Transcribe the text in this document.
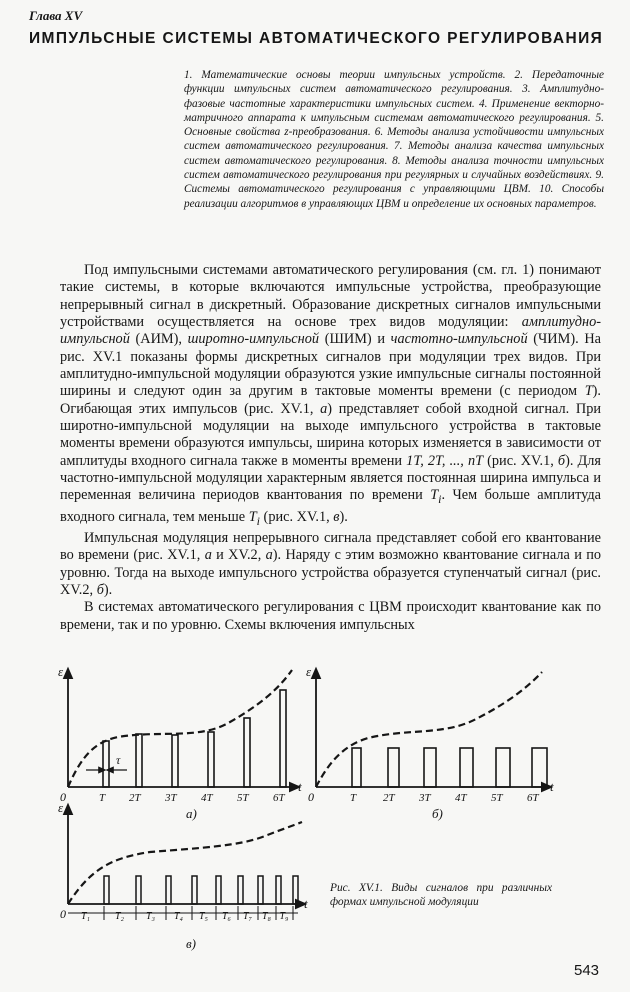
Глава XV
ИМПУЛЬСНЫЕ СИСТЕМЫ АВТОМАТИЧЕСКОГО РЕГУЛИРОВАНИЯ
1. Математические основы теории импульсных устройств. 2. Передаточные функции импульсных систем автоматического регулирования. 3. Амплитудно-фазовые частотные характеристики импульсных систем. 4. Применение векторно-матричного аппарата к импульсным системам автоматического регулирования. 5. Основные свойства z-преобразования. 6. Методы анализа устойчивости импульсных систем автоматического регулирования. 7. Методы анализа качества импульсных систем автоматического регулирования. 8. Методы анализа точности импульсных систем автоматического регулирования при регулярных и случайных воздействиях. 9. Системы автоматического регулирования с управляющими ЦВМ. 10. Способы реализации алгоритмов в управляющих ЦВМ и определение их основных параметров.

Под импульсными системами автоматического регулирования (см. гл. 1) понимают такие системы, в которые включаются импульсные устройства, преобразующие непрерывный сигнал в дискретный. Образование дискретных сигналов импульсными устройствами осуществляется на основе трех видов модуляции: амплитудно-импульсной (АИМ), широтно-импульсной (ШИМ) и частотно-импульсной (ЧИМ). На рис. XV.1 показаны формы дискретных сигналов при модуляции трех видов. При амплитудно-импульсной модуляции образуются узкие импульсные сигналы постоянной ширины и следуют один за другим в тактовые моменты времени (с периодом T). Огибающая этих импульсов (рис. XV.1, а) представляет собой входной сигнал. При широтно-импульсной модуляции на выходе импульсного устройства в тактовые моменты времени образуются импульсы, ширина которых изменяется в зависимости от амплитуды входного сигнала также в моменты времени 1T, 2T, ..., nT (рис. XV.1, б). Для частотно-импульсной модуляции характерным является постоянная ширина импульса и переменная величина периодов квантования по времени $T_i$. Чем больше амплитуда входного сигнала, тем меньше $T_i$ (рис. XV.1, в).

Импульсная модуляция непрерывного сигнала представляет собой его квантование во времени (рис. XV.1, а и XV.2, а). Наряду с этим возможно квантование сигнала и по уровню. Тогда на выходе импульсного устройства образуется ступенчатый сигнал (рис. XV.2, б).

В системах автоматического регулирования с ЦВМ происходит квантование как по времени, так и по уровню. Схемы включения импульсных

ε
t
0	T 2T 3T 4T 5T 6T
τ
а)
ε
t
0	T 2T 3T 4T 5T 6T
б)
ε
t
0 T₁ T₂ T₃ T₄ T₅ T₆ T₇ T₈ T₉
в)
Рис. XV.1. Виды сигналов при различных формах импульсной модуляции
543
